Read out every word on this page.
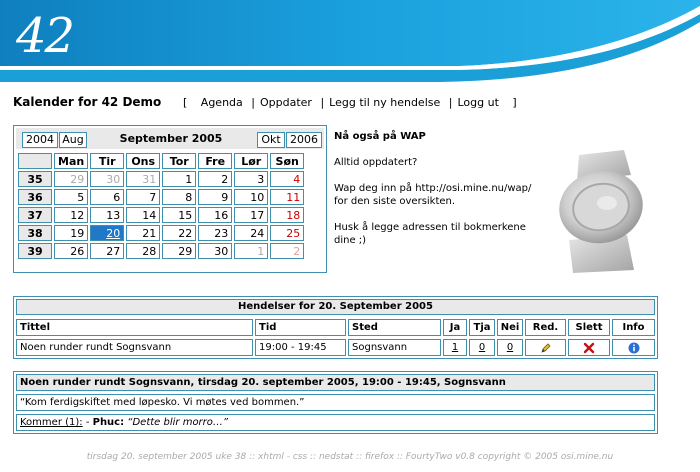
42
Kalender for 42 Demo [ Agenda | Oppdater | Legg til ny hendelse | Logg ut ]
2004 Aug	September 2005	Okt 2006
	Man	Tir	Ons	Tor	Fre	Lør	Søn
35	29	30	31	1	2	3	4
36	5	6	7	8	9	10	11
37	12	13	14	15	16	17	18
38	19	20	21	22	23	24	25
39	26	27	28	29	30	1	2
Nå også på WAP

Alltid oppdatert?

Wap deg inn på http://osi.mine.nu/wap/ for den siste oversikten.

Husk å legge adressen til bokmerkene dine ;)

Hendelser for 20. September 2005
Tittel	Tid	Sted	Ja	Tja	Nei	Red.	Slett	Info
Noen runder rundt Sognsvann	19:00 - 19:45	Sognsvann	1	0	0
Noen runder rundt Sognsvann, tirsdag 20. september 2005, 19:00 - 19:45, Sognsvann
“Kom ferdigskiftet med løpesko. Vi møtes ved bommen.”
Kommer (1): - Phuc: “Dette blir morro…”
tirsdag 20. september 2005 uke 38 :: xhtml - css :: nedstat :: firefox :: FourtyTwo v0.8 copyright © 2005 osi.mine.nu
